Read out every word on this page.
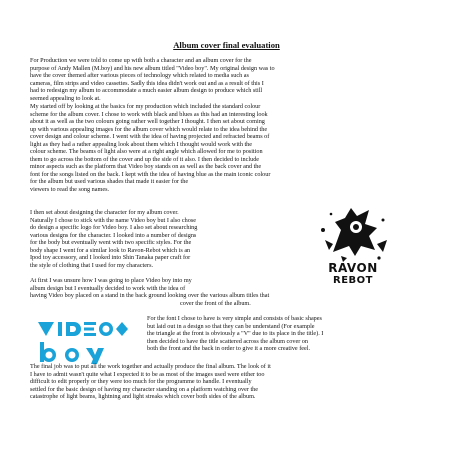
Album cover final evaluation
For Production we were told to come up with both a character and an album cover for the
purpose of Andy Mallen (M.boy) and his new album titled "Video boy". My original design was to
have the cover themed after various pieces of technology which related to media such as
cameras, film strips and video cassettes. Sadly this idea didn't work out and as a result of this I
had to redesign my album to accommodate a much easier album design to produce which still
seemed appealing to look at.
My started off by looking at the basics for my production which included the standard colour
scheme for the album cover. I chose to work with black and blues as this had an interesting look
about it as well as the two colours going rather well together I thought. I then set about coming
up with various appealing images for the album cover which would relate to the idea behind the
cover design and colour scheme. I went with the idea of having projected and refracted beams of
light as they had a rather appealing look about them which I thought would work with the
colour scheme. The beams of light also were at a right angle which allowed for me to position
them to go across the bottom of the cover and up the side of it also. I then decided to include
minor aspects such as the platform that Video boy stands on as well as the back cover and the
font for the songs listed on the back. I kept with the idea of having blue as the main iconic colour
for the album but used various shades that made it easier for the
viewers to read the song names.
I then set about designing the character for my album cover.
Naturally I chose to stick with the name Video boy but I also chose
do design a specific logo for Video boy. I also set about researching
various designs for the character. I looked into a number of designs
for the body but eventually went with two specific styles. For the
body shape I went for a similar look to Ravon-Rebot which is an
Ipod toy accessory, and I looked into Shin Tanaka paper craft for
the style of clothing that I used for my characters.	RAVON
REBOT
At first I was unsure how I was going to place Video boy into my
album design but I eventually decided to work with the idea of
having Video boy placed on a stand in the back ground looking over the various album titles that
cover the front of the album.
For the font I chose to have is very simple and consists of basic shapes
but laid out in a design so that they can be understand (For example
the triangle at the front is obviously a "V" due to its place in the title). I
then decided to have the title scattered across the album cover on
both the front and the back in order to give it a more creative feel.
The final job was to put all the work together and actually produce the final album. The look of it
I have to admit wasn't quite what I expected it to be as most of the images used were either too
difficult to edit properly or they were too much for the programme to handle. I eventually
settled for the basic design of having my character standing on a platform watching over the
catastrophe of light beams, lightning and light streaks which cover both sides of the album.
